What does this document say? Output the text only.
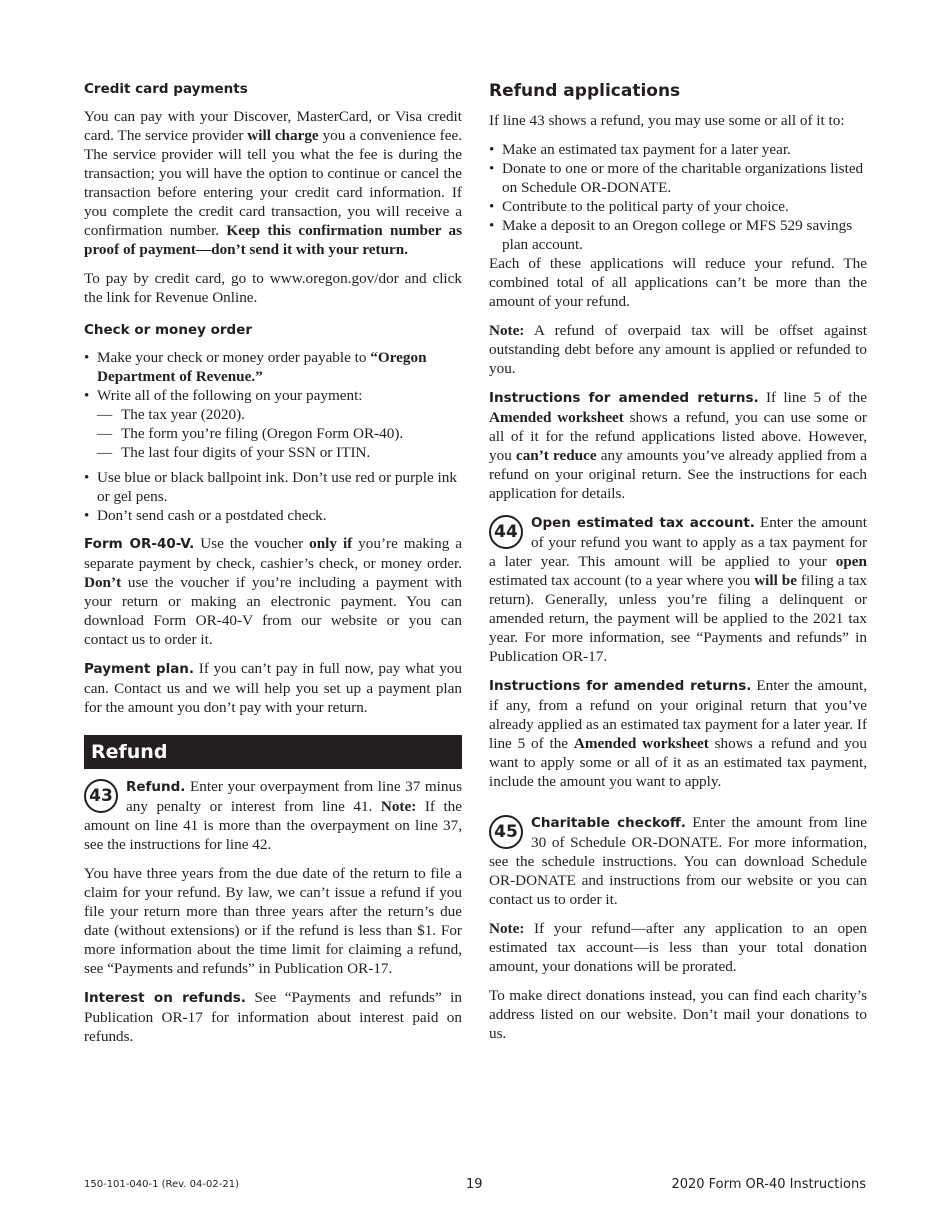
Credit card payments

You can pay with your Discover, MasterCard, or Visa credit card. The service provider will charge you a convenience fee. The service provider will tell you what the fee is during the transaction; you will have the option to continue or cancel the transaction before entering your credit card information. If you complete the credit card transaction, you will receive a confirmation number. Keep this confirmation number as proof of payment—don’t send it with your return.

To pay by credit card, go to www.oregon.gov/dor and click the link for Revenue Online.

Check or money order
• Make your check or money order payable to “Oregon Department of Revenue.”
• Write all of the following on your payment:
— The tax year (2020).
— The form you’re filing (Oregon Form OR-40).
— The last four digits of your SSN or ITIN.
• Use blue or black ballpoint ink. Don’t use red or purple ink or gel pens.
• Don’t send cash or a postdated check.

Form OR-40-V. Use the voucher only if you’re making a separate payment by check, cashier’s check, or money order. Don’t use the voucher if you’re including a payment with your return or making an electronic payment. You can download Form OR-40-V from our website or you can contact us to order it.

Payment plan. If you can’t pay in full now, pay what you can. Contact us and we will help you set up a payment plan for the amount you don’t pay with your return.

Refund
43 Refund. Enter your overpayment from line 37 minus any penalty or interest from line 41. Note: If the amount on line 41 is more than the overpayment on line 37, see the instructions for line 42.

You have three years from the due date of the return to file a claim for your refund. By law, we can’t issue a refund if you file your return more than three years after the return’s due date (without extensions) or if the refund is less than $1. For more information about the time limit for claiming a refund, see “Payments and refunds” in Publication OR-17.

Interest on refunds. See “Payments and refunds” in Publication OR-17 for information about interest paid on refunds.

Refund applications

If line 43 shows a refund, you may use some or all of it to:

• Make an estimated tax payment for a later year.
• Donate to one or more of the charitable organizations listed on Schedule OR-DONATE.
• Contribute to the political party of your choice.
• Make a deposit to an Oregon college or MFS 529 savings plan account.

Each of these applications will reduce your refund. The combined total of all applications can’t be more than the amount of your refund.

Note: A refund of overpaid tax will be offset against outstanding debt before any amount is applied or refunded to you.

Instructions for amended returns. If line 5 of the Amended worksheet shows a refund, you can use some or all of it for the refund applications listed above. However, you can’t reduce any amounts you’ve already applied from a refund on your original return. See the instructions for each application for details.

44 Open estimated tax account. Enter the amount of your refund you want to apply as a tax payment for a later year. This amount will be applied to your open estimated tax account (to a year where you will be filing a tax return). Generally, unless you’re filing a delinquent or amended return, the payment will be applied to the 2021 tax year. For more information, see “Payments and refunds” in Publication OR-17.

Instructions for amended returns. Enter the amount, if any, from a refund on your original return that you’ve already applied as an estimated tax payment for a later year. If line 5 of the Amended worksheet shows a refund and you want to apply some or all of it as an estimated tax payment, include the amount you want to apply.

45 Charitable checkoff. Enter the amount from line 30 of Schedule OR-DONATE. For more information, see the schedule instructions. You can download Schedule OR-DONATE and instructions from our website or you can contact us to order it.

Note: If your refund—after any application to an open estimated tax account—is less than your total donation amount, your donations will be prorated.

To make direct donations instead, you can find each charity’s address listed on our website. Don’t mail your donations to us.

150-101-040-1 (Rev. 04-02-21)	19	2020 Form OR-40 Instructions
